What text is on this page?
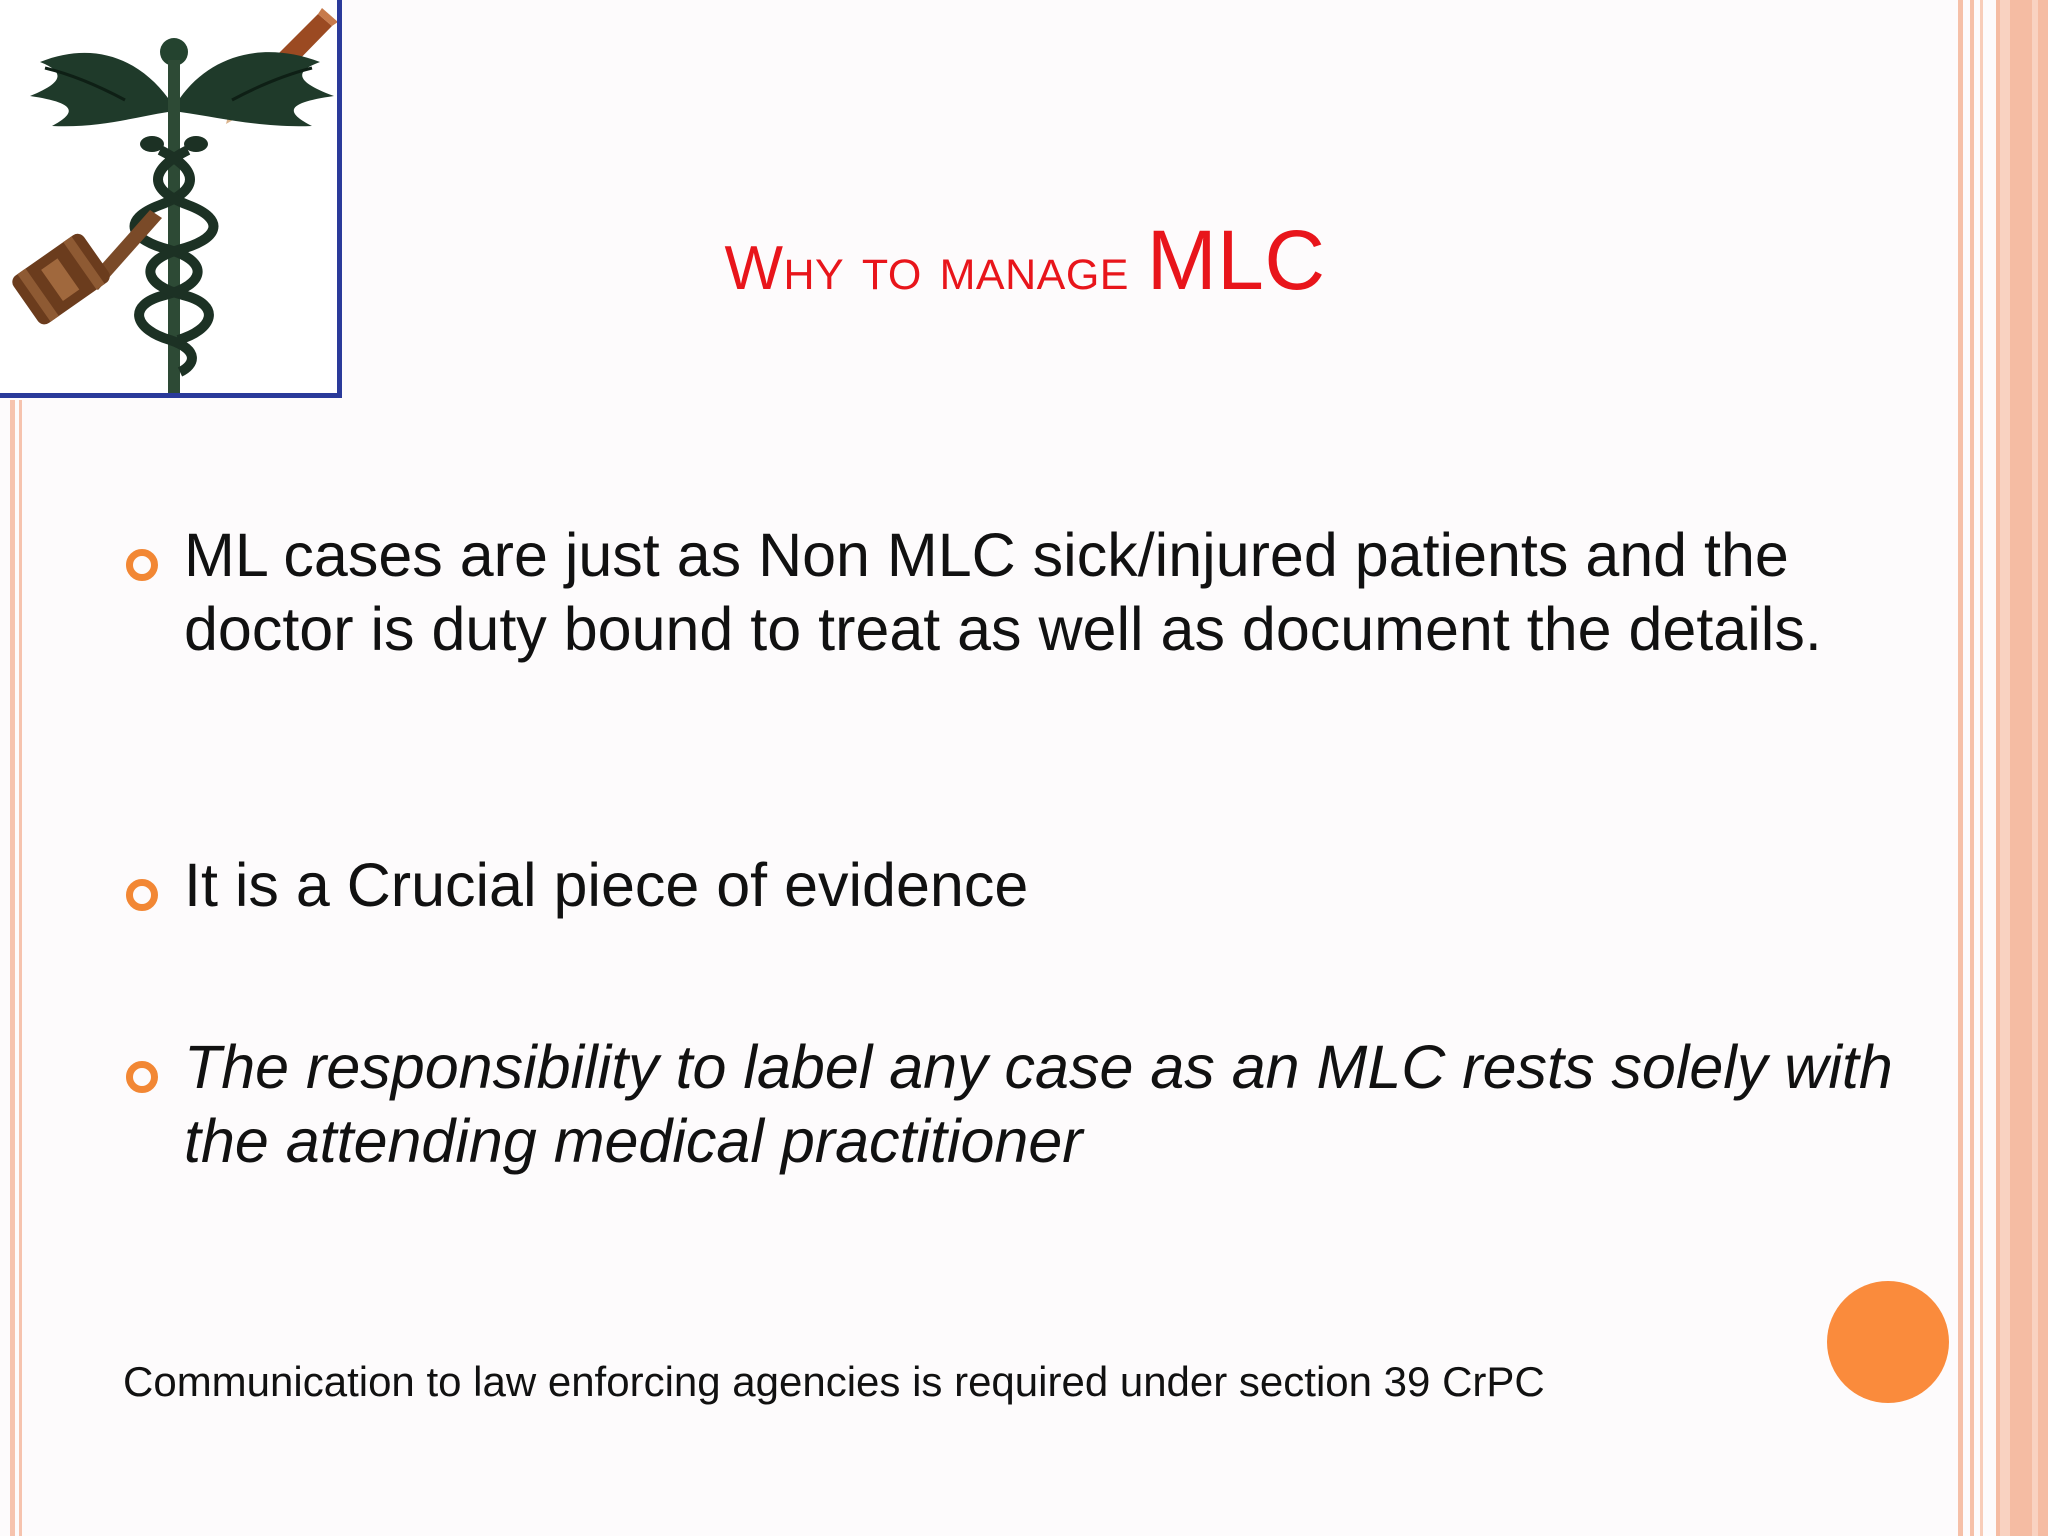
Why to manage MLC
ML cases are just as Non MLC sick/injured patients and the doctor is duty bound to treat as well as document the details.
It is a Crucial piece of evidence
The responsibility to label any case as an MLC rests solely with the attending medical practitioner
Communication to law enforcing agencies is required under section 39 CrPC
